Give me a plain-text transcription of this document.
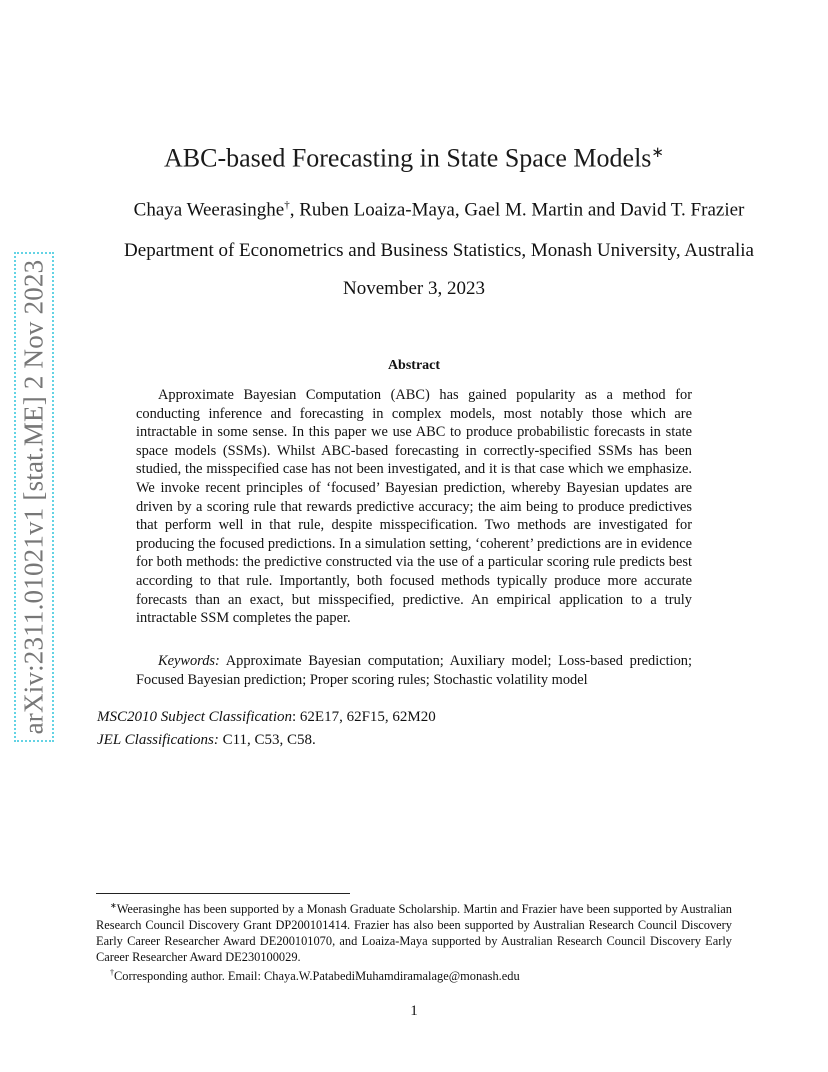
arXiv:2311.01021v1 [stat.ME] 2 Nov 2023
ABC-based Forecasting in State Space Models∗
Chaya Weerasinghe†, Ruben Loaiza-Maya, Gael M. Martin and David T. Frazier
Department of Econometrics and Business Statistics, Monash University, Australia
November 3, 2023
Abstract

Approximate Bayesian Computation (ABC) has gained popularity as a method for conducting inference and forecasting in complex models, most notably those which are intractable in some sense. In this paper we use ABC to produce probabilistic forecasts in state space models (SSMs). Whilst ABC-based forecasting in correctly-specified SSMs has been studied, the misspecified case has not been investigated, and it is that case which we emphasize. We invoke recent principles of ‘focused’ Bayesian prediction, whereby Bayesian updates are driven by a scoring rule that rewards predictive accuracy; the aim being to produce predictives that perform well in that rule, despite misspecification. Two methods are investigated for producing the focused predictions. In a simulation setting, ‘coherent’ predictions are in evidence for both methods: the predictive constructed via the use of a particular scoring rule predicts best according to that rule. Importantly, both focused methods typically produce more accurate forecasts than an exact, but misspecified, predictive. An empirical application to a truly intractable SSM completes the paper.

Keywords: Approximate Bayesian computation; Auxiliary model; Loss-based prediction; Focused Bayesian prediction; Proper scoring rules; Stochastic volatility model

MSC2010 Subject Classification: 62E17, 62F15, 62M20
JEL Classifications: C11, C53, C58.

∗Weerasinghe has been supported by a Monash Graduate Scholarship. Martin and Frazier have been supported by Australian Research Council Discovery Grant DP200101414. Frazier has also been supported by Australian Research Council Discovery Early Career Researcher Award DE200101070, and Loaiza-Maya supported by Australian Research Council Discovery Early Career Researcher Award DE230100029.

†Corresponding author. Email: Chaya.W.PatabediMuhamdiramalage@monash.edu

1
